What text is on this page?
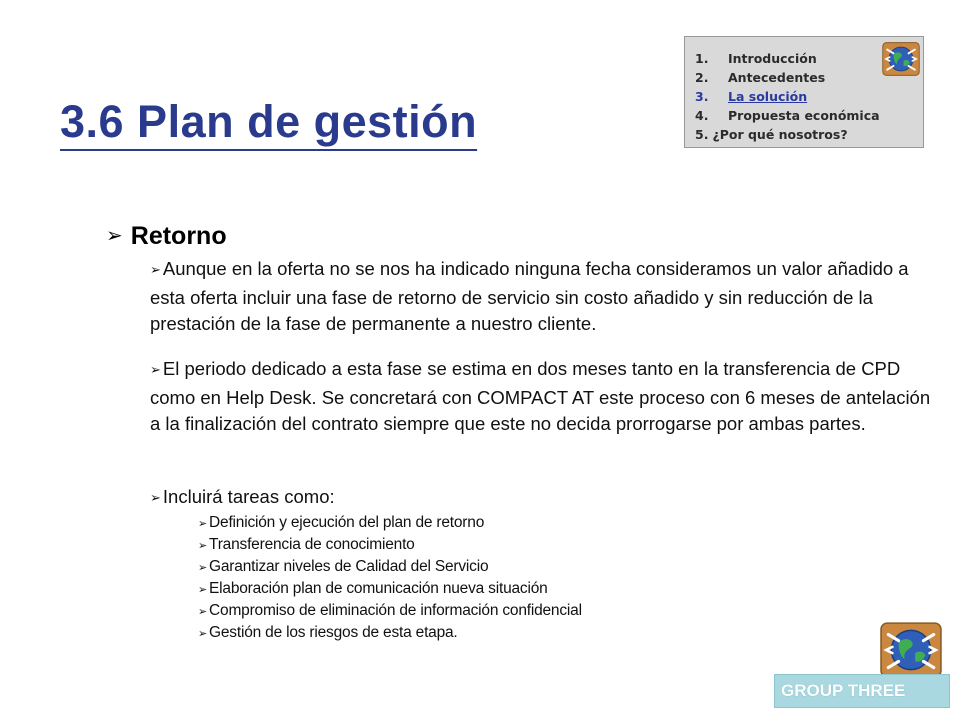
3.6 Plan de gestión
1. Introducción
2. Antecedentes
3. La solución
4. Propuesta económica
5. ¿Por qué nosotros?
➢ Retorno
➢ Aunque en la oferta no se nos ha indicado ninguna fecha consideramos un valor añadido a esta oferta incluir una fase de retorno de servicio sin costo añadido y sin reducción de la prestación de la fase de permanente a nuestro cliente.
➢ El periodo dedicado a esta fase se estima en dos meses tanto en la transferencia de CPD como en Help Desk. Se concretará con COMPACT AT este proceso con 6 meses de antelación a la finalización del contrato siempre que este no decida prorrogarse por ambas partes.
➢ Incluirá tareas como:
➢ Definición y ejecución del plan de retorno
➢ Transferencia de conocimiento
➢ Garantizar niveles de Calidad del Servicio
➢ Elaboración plan de comunicación nueva situación
➢ Compromiso de eliminación de información confidencial
➢ Gestión de los riesgos de esta etapa.
GROUP THREE
